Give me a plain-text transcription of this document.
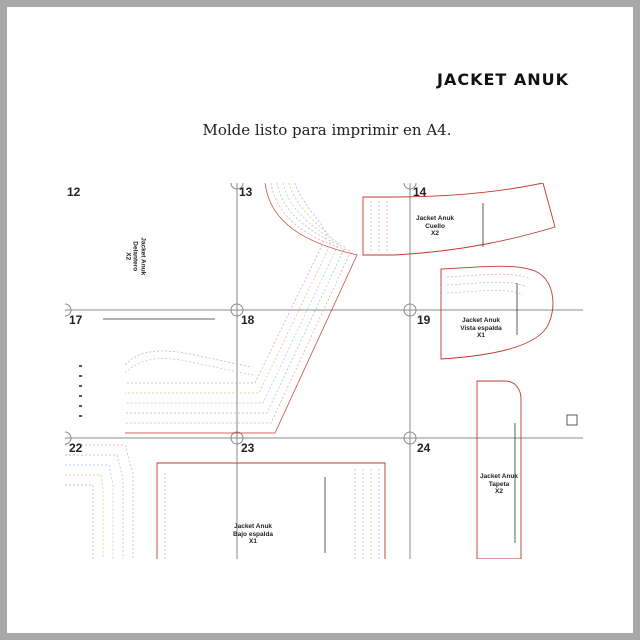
JACKET ANUK
Molde listo para imprimir en A4.
12	13	14
17	18	19
22	23	24
Jacket Anuk
Delantero
X2
Jacket Anuk
Cuello
X2
Jacket Anuk
Vista espalda
X1
Jacket Anuk
Tapeta
X2
Jacket Anuk
Bajo espalda
X1
